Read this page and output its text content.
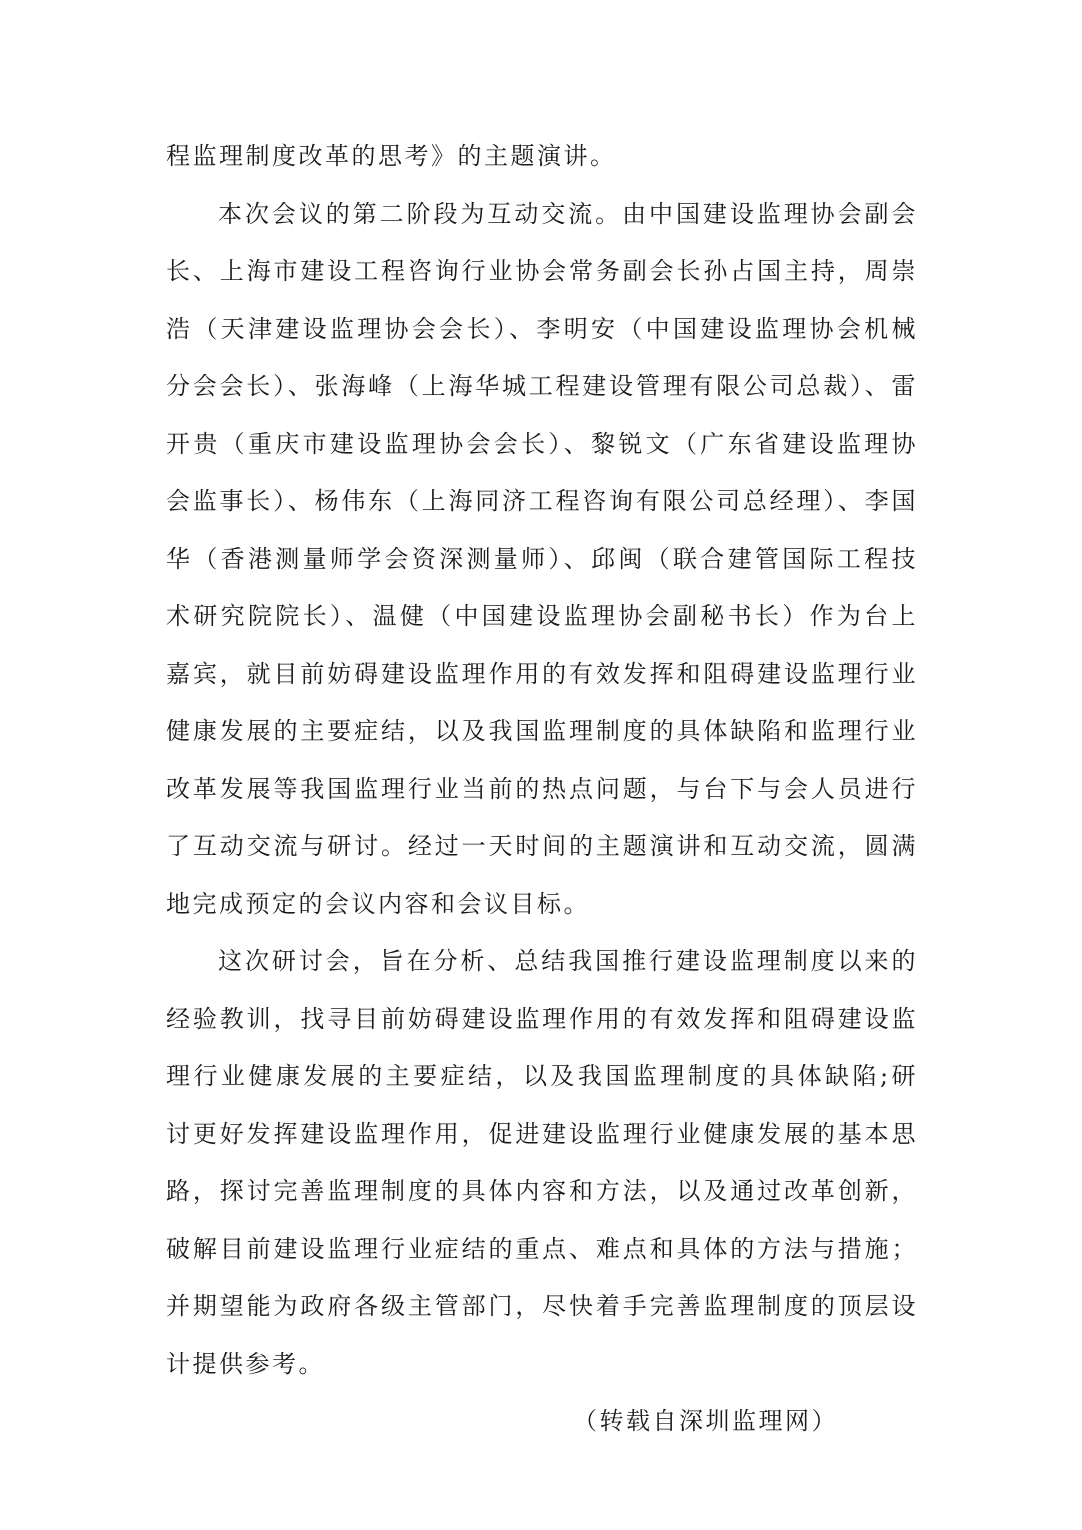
程监理制度改革的思考》的主题演讲。

本次会议的第二阶段为互动交流。由中国建设监理协会副会长、上海市建设工程咨询行业协会常务副会长孙占国主持，周崇浩（天津建设监理协会会长）、李明安（中国建设监理协会机械分会会长）、张海峰（上海华城工程建设管理有限公司总裁）、雷开贵（重庆市建设监理协会会长）、黎锐文（广东省建设监理协会监事长）、杨伟东（上海同济工程咨询有限公司总经理）、李国华（香港测量师学会资深测量师）、邱闽（联合建管国际工程技术研究院院长）、温健（中国建设监理协会副秘书长）作为台上嘉宾，就目前妨碍建设监理作用的有效发挥和阻碍建设监理行业健康发展的主要症结，以及我国监理制度的具体缺陷和监理行业改革发展等我国监理行业当前的热点问题，与台下与会人员进行了互动交流与研讨。经过一天时间的主题演讲和互动交流，圆满地完成预定的会议内容和会议目标。

这次研讨会，旨在分析、总结我国推行建设监理制度以来的经验教训，找寻目前妨碍建设监理作用的有效发挥和阻碍建设监理行业健康发展的主要症结，以及我国监理制度的具体缺陷;研讨更好发挥建设监理作用，促进建设监理行业健康发展的基本思路，探讨完善监理制度的具体内容和方法，以及通过改革创新，破解目前建设监理行业症结的重点、难点和具体的方法与措施； 并期望能为政府各级主管部门，尽快着手完善监理制度的顶层设计提供参考。

（转载自深圳监理网）
